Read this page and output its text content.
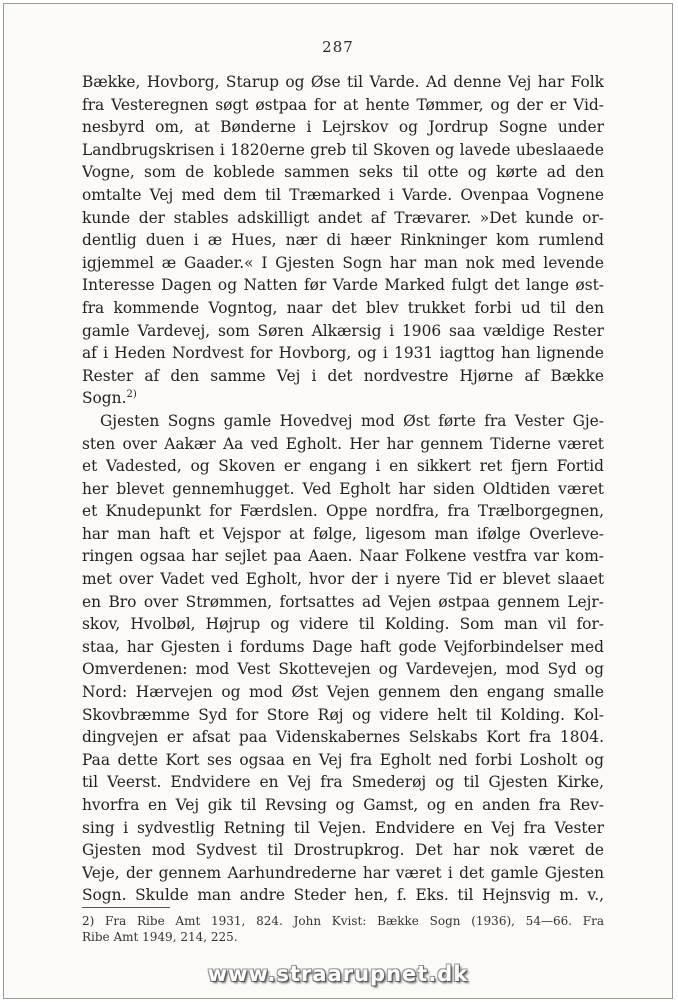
287
Bække, Hovborg, Starup og Øse til Varde. Ad denne Vej har Folk
fra Vesteregnen søgt østpaa for at hente Tømmer, og der er Vid-
nesbyrd om, at Bønderne i Lejrskov og Jordrup Sogne under
Landbrugskrisen i 1820erne greb til Skoven og lavede ubeslaaede
Vogne, som de koblede sammen seks til otte og kørte ad den
omtalte Vej med dem til Træmarked i Varde. Ovenpaa Vognene
kunde der stables adskilligt andet af Trævarer. »Det kunde or-
dentlig duen i æ Hues, nær di hæer Rinkninger kom rumlend
igjemmel æ Gaader.« I Gjesten Sogn har man nok med levende
Interesse Dagen og Natten før Varde Marked fulgt det lange øst-
fra kommende Vogntog, naar det blev trukket forbi ud til den
gamle Vardevej, som Søren Alkærsig i 1906 saa vældige Rester
af i Heden Nordvest for Hovborg, og i 1931 iagttog han lignende
Rester af den samme Vej i det nordvestre Hjørne af Bække
Sogn.$^{2)}$
Gjesten Sogns gamle Hovedvej mod Øst førte fra Vester Gje-
sten over Aakær Aa ved Egholt. Her har gennem Tiderne været
et Vadested, og Skoven er engang i en sikkert ret fjern Fortid
her blevet gennemhugget. Ved Egholt har siden Oldtiden været
et Knudepunkt for Færdslen. Oppe nordfra, fra Trælborgegnen,
har man haft et Vejspor at følge, ligesom man ifølge Overleve-
ringen ogsaa har sejlet paa Aaen. Naar Folkene vestfra var kom-
met over Vadet ved Egholt, hvor der i nyere Tid er blevet slaaet
en Bro over Strømmen, fortsattes ad Vejen østpaa gennem Lejr-
skov, Hvolbøl, Højrup og videre til Kolding. Som man vil for-
staa, har Gjesten i fordums Dage haft gode Vejforbindelser med
Omverdenen: mod Vest Skottevejen og Vardevejen, mod Syd og
Nord: Hærvejen og mod Øst Vejen gennem den engang smalle
Skovbræmme Syd for Store Røj og videre helt til Kolding. Kol-
dingvejen er afsat paa Videnskabernes Selskabs Kort fra 1804.
Paa dette Kort ses ogsaa en Vej fra Egholt ned forbi Losholt og
til Veerst. Endvidere en Vej fra Smederøj og til Gjesten Kirke,
hvorfra en Vej gik til Revsing og Gamst, og en anden fra Rev-
sing i sydvestlig Retning til Vejen. Endvidere en Vej fra Vester
Gjesten mod Sydvest til Drostrupkrog. Det har nok været de
Veje, der gennem Aarhundrederne har været i det gamle Gjesten
Sogn. Skulde man andre Steder hen, f. Eks. til Hejnsvig m. v.,
2) Fra Ribe Amt 1931, 824. John Kvist: Bække Sogn (1936), 54—66. Fra
Ribe Amt 1949, 214, 225.
www.straarupnet.dk
